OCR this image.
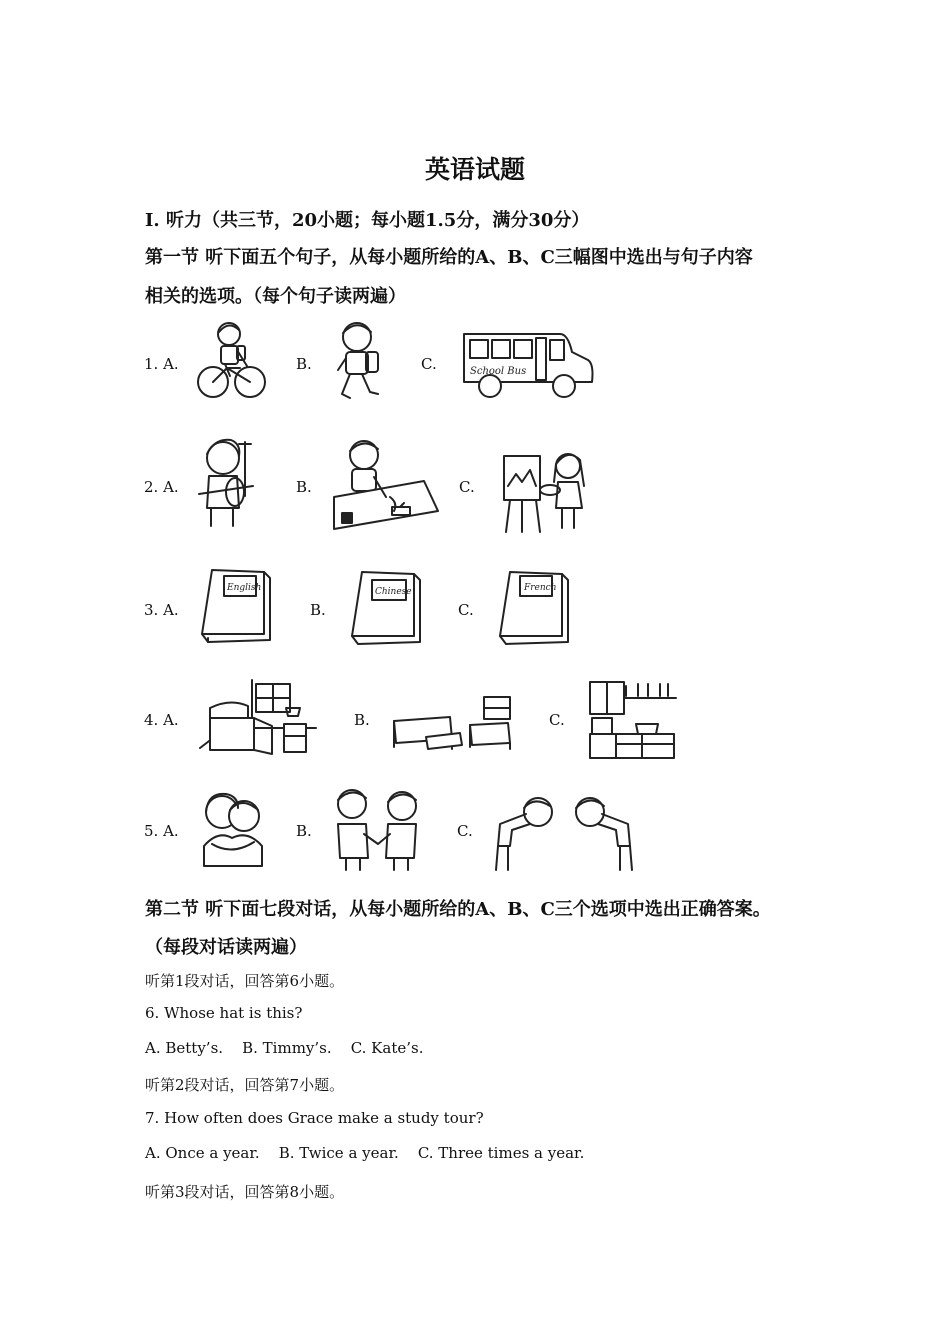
英语试题
I. 听力（共三节，20小题；每小题1.5分，满分30分）
第一节 听下面五个句子，从每小题所给的A、B、C三幅图中选出与句子内容
相关的选项。（每个句子读两遍）
1. A.	B.	C.	School Bus
2. A.	B.	C.
3. A.	B.	C.
English	Chinese	French
4. A.	B.	C.
5. A.	B.	C.
第二节 听下面七段对话，从每小题所给的A、B、C三个选项中选出正确答案。
（每段对话读两遍）
听第1段对话，回答第6小题。
6. Whose hat is this?
A. Betty’s.    B. Timmy’s.    C. Kate’s.
听第2段对话，回答第7小题。
7. How often does Grace make a study tour?
A. Once a year.    B. Twice a year.    C. Three times a year.
听第3段对话，回答第8小题。
